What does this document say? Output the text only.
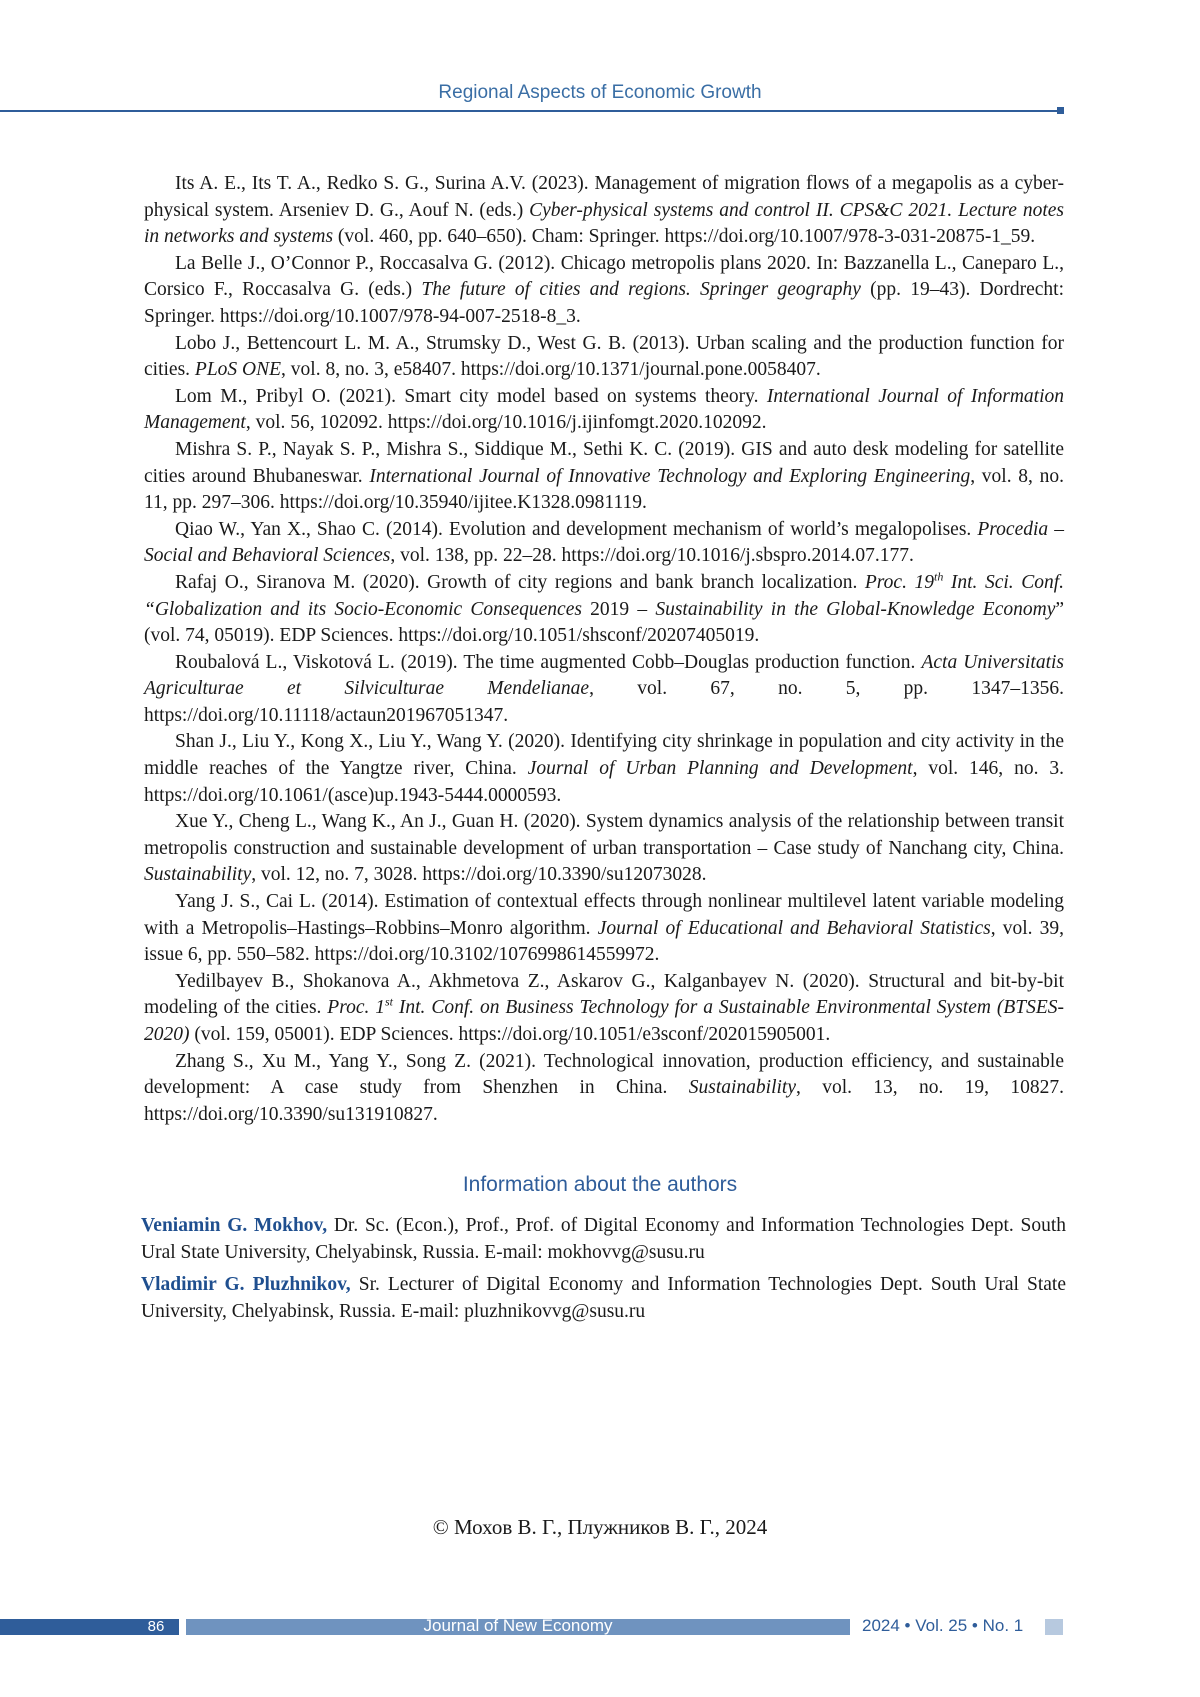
Regional Aspects of Economic Growth

Its A. E., Its T. A., Redko S. G., Surina A.V. (2023). Management of migration flows of a megapolis as a cyber-physical system. Arseniev D. G., Aouf N. (eds.) Cyber-physical systems and control II. CPS&C 2021. Lecture notes in networks and systems (vol. 460, pp. 640–650). Cham: Springer. https://doi.org/10.1007/978-3-031-20875-1_59.

La Belle J., O’Connor P., Roccasalva G. (2012). Chicago metropolis plans 2020. In: Bazzanella L., Caneparo L., Corsico F., Roccasalva G. (eds.) The future of cities and regions. Springer geography (pp. 19–43). Dordrecht: Springer. https://doi.org/10.1007/978-94-007-2518-8_3.

Lobo J., Bettencourt L. M. A., Strumsky D., West G. B. (2013). Urban scaling and the production function for cities. PLoS ONE, vol. 8, no. 3, e58407. https://doi.org/10.1371/journal.pone.0058407.

Lom M., Pribyl O. (2021). Smart city model based on systems theory. International Journal of Information Management, vol. 56, 102092. https://doi.org/10.1016/j.ijinfomgt.2020.102092.

Mishra S. P., Nayak S. P., Mishra S., Siddique M., Sethi K. C. (2019). GIS and auto desk modeling for satellite cities around Bhubaneswar. International Journal of Innovative Technology and Exploring Engineering, vol. 8, no. 11, pp. 297–306. https://doi.org/10.35940/ijitee.K1328.0981119.

Qiao W., Yan X., Shao C. (2014). Evolution and development mechanism of world’s megalopolises. Procedia – Social and Behavioral Sciences, vol. 138, pp. 22–28. https://doi.org/10.1016/j.sbspro.2014.07.177.

Rafaj O., Siranova M. (2020). Growth of city regions and bank branch localization. Proc. 19th Int. Sci. Conf. “Globalization and its Socio-Economic Consequences 2019 – Sustainability in the Global-Knowledge Economy” (vol. 74, 05019). EDP Sciences. https://doi.org/10.1051/shsconf/20207405019.

Roubalová L., Viskotová L. (2019). The time augmented Cobb–Douglas production function. Acta Universitatis Agriculturae et Silviculturae Mendelianae, vol. 67, no. 5, pp. 1347–1356. https://doi.org/10.11118/actaun201967051347.

Shan J., Liu Y., Kong X., Liu Y., Wang Y. (2020). Identifying city shrinkage in population and city activity in the middle reaches of the Yangtze river, China. Journal of Urban Planning and Development, vol. 146, no. 3. https://doi.org/10.1061/(asce)up.1943-5444.0000593.

Xue Y., Cheng L., Wang K., An J., Guan H. (2020). System dynamics analysis of the relationship between transit metropolis construction and sustainable development of urban transportation – Case study of Nanchang city, China. Sustainability, vol. 12, no. 7, 3028. https://doi.org/10.3390/su12073028.

Yang J. S., Cai L. (2014). Estimation of contextual effects through nonlinear multilevel latent variable modeling with a Metropolis–Hastings–Robbins–Monro algorithm. Journal of Educational and Behavioral Statistics, vol. 39, issue 6, pp. 550–582. https://doi.org/10.3102/1076998614559972.

Yedilbayev B., Shokanova A., Akhmetova Z., Askarov G., Kalganbayev N. (2020). Structural and bit-by-bit modeling of the cities. Proc. 1st Int. Conf. on Business Technology for a Sustainable Environmental System (BTSES-2020) (vol. 159, 05001). EDP Sciences. https://doi.org/10.1051/e3sconf/202015905001.

Zhang S., Xu M., Yang Y., Song Z. (2021). Technological innovation, production efficiency, and sustainable development: A case study from Shenzhen in China. Sustainability, vol. 13, no. 19, 10827. https://doi.org/10.3390/su131910827.

Information about the authors

Veniamin G. Mokhov, Dr. Sc. (Econ.), Prof., Prof. of Digital Economy and Information Technologies Dept. South Ural State University, Chelyabinsk, Russia. E-mail: mokhovvg@susu.ru

Vladimir G. Pluzhnikov, Sr. Lecturer of Digital Economy and Information Technologies Dept. South Ural State University, Chelyabinsk, Russia. E-mail: pluzhnikovvg@susu.ru

© Мохов В. Г., Плужников В. Г., 2024
86	Journal of New Economy	2024 • Vol. 25 • No. 1
